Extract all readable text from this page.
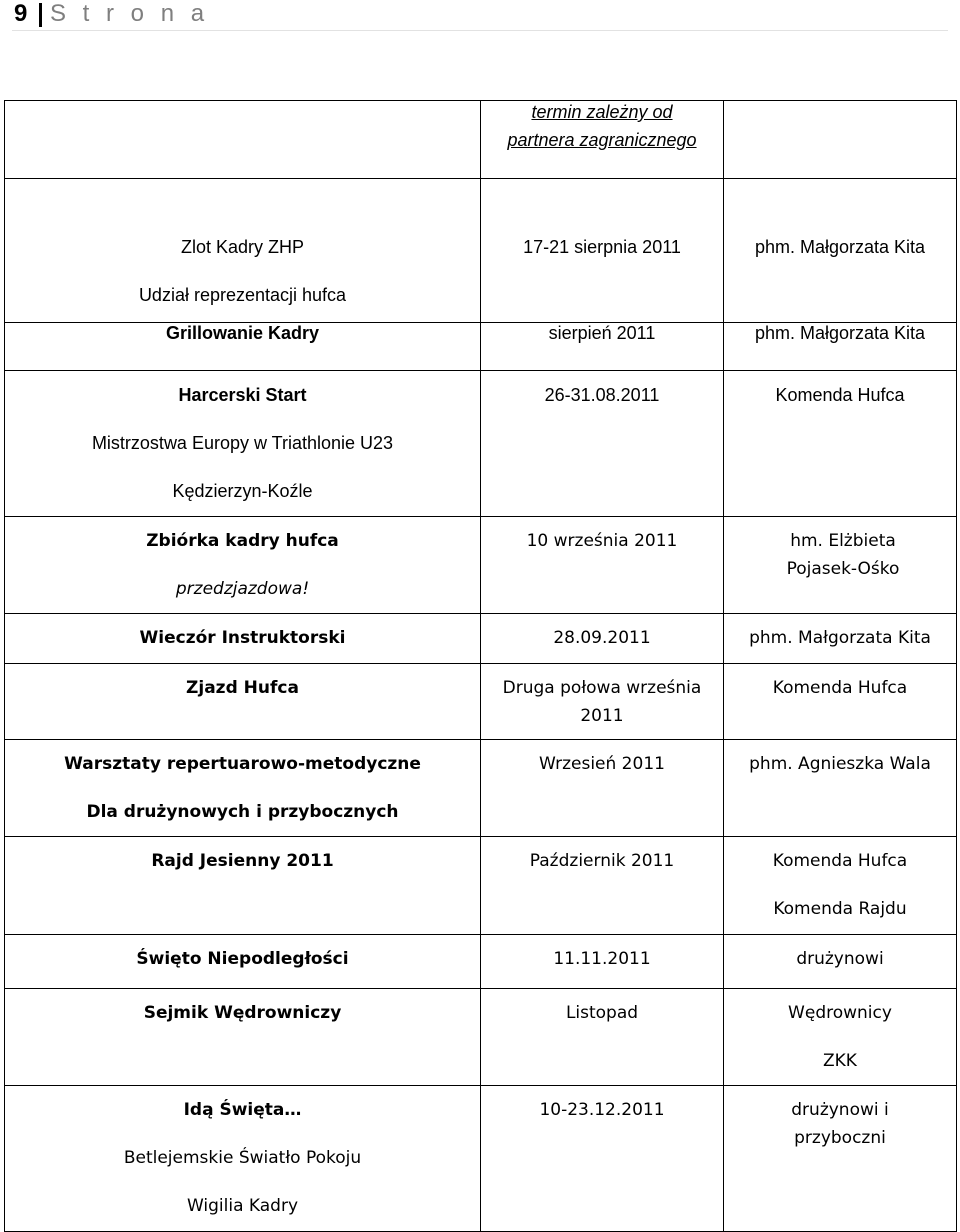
9 S t r o n a

	termin zależny od partnera zagranicznego	

Zlot Kadry ZHP
Udział reprezentacji hufca	17-21 sierpnia 2011	phm. Małgorzata Kita

Grillowanie Kadry	sierpień 2011	phm. Małgorzata Kita

Harcerski Start
Mistrzostwa Europy w Triathlonie U23
Kędzierzyn-Koźle	26-31.08.2011	Komenda Hufca

Zbiórka kadry hufca
przedzjazdowa!	10 września 2011	hm. Elżbieta Pojasek-Ośko

Wieczór Instruktorski	28.09.2011	phm. Małgorzata Kita

Zjazd Hufca	Druga połowa września 2011	Komenda Hufca

Warsztaty repertuarowo-metodyczne
Dla drużynowych i przybocznych	Wrzesień 2011	phm. Agnieszka Wala

Rajd Jesienny 2011	Październik 2011	Komenda Hufca
Komenda Rajdu

Święto Niepodległości	11.11.2011	drużynowi

Sejmik Wędrowniczy	Listopad	Wędrownicy
ZKK

Idą Święta…
Betlejemskie Światło Pokoju
Wigilia Kadry	10-23.12.2011	drużynowi i przyboczni
